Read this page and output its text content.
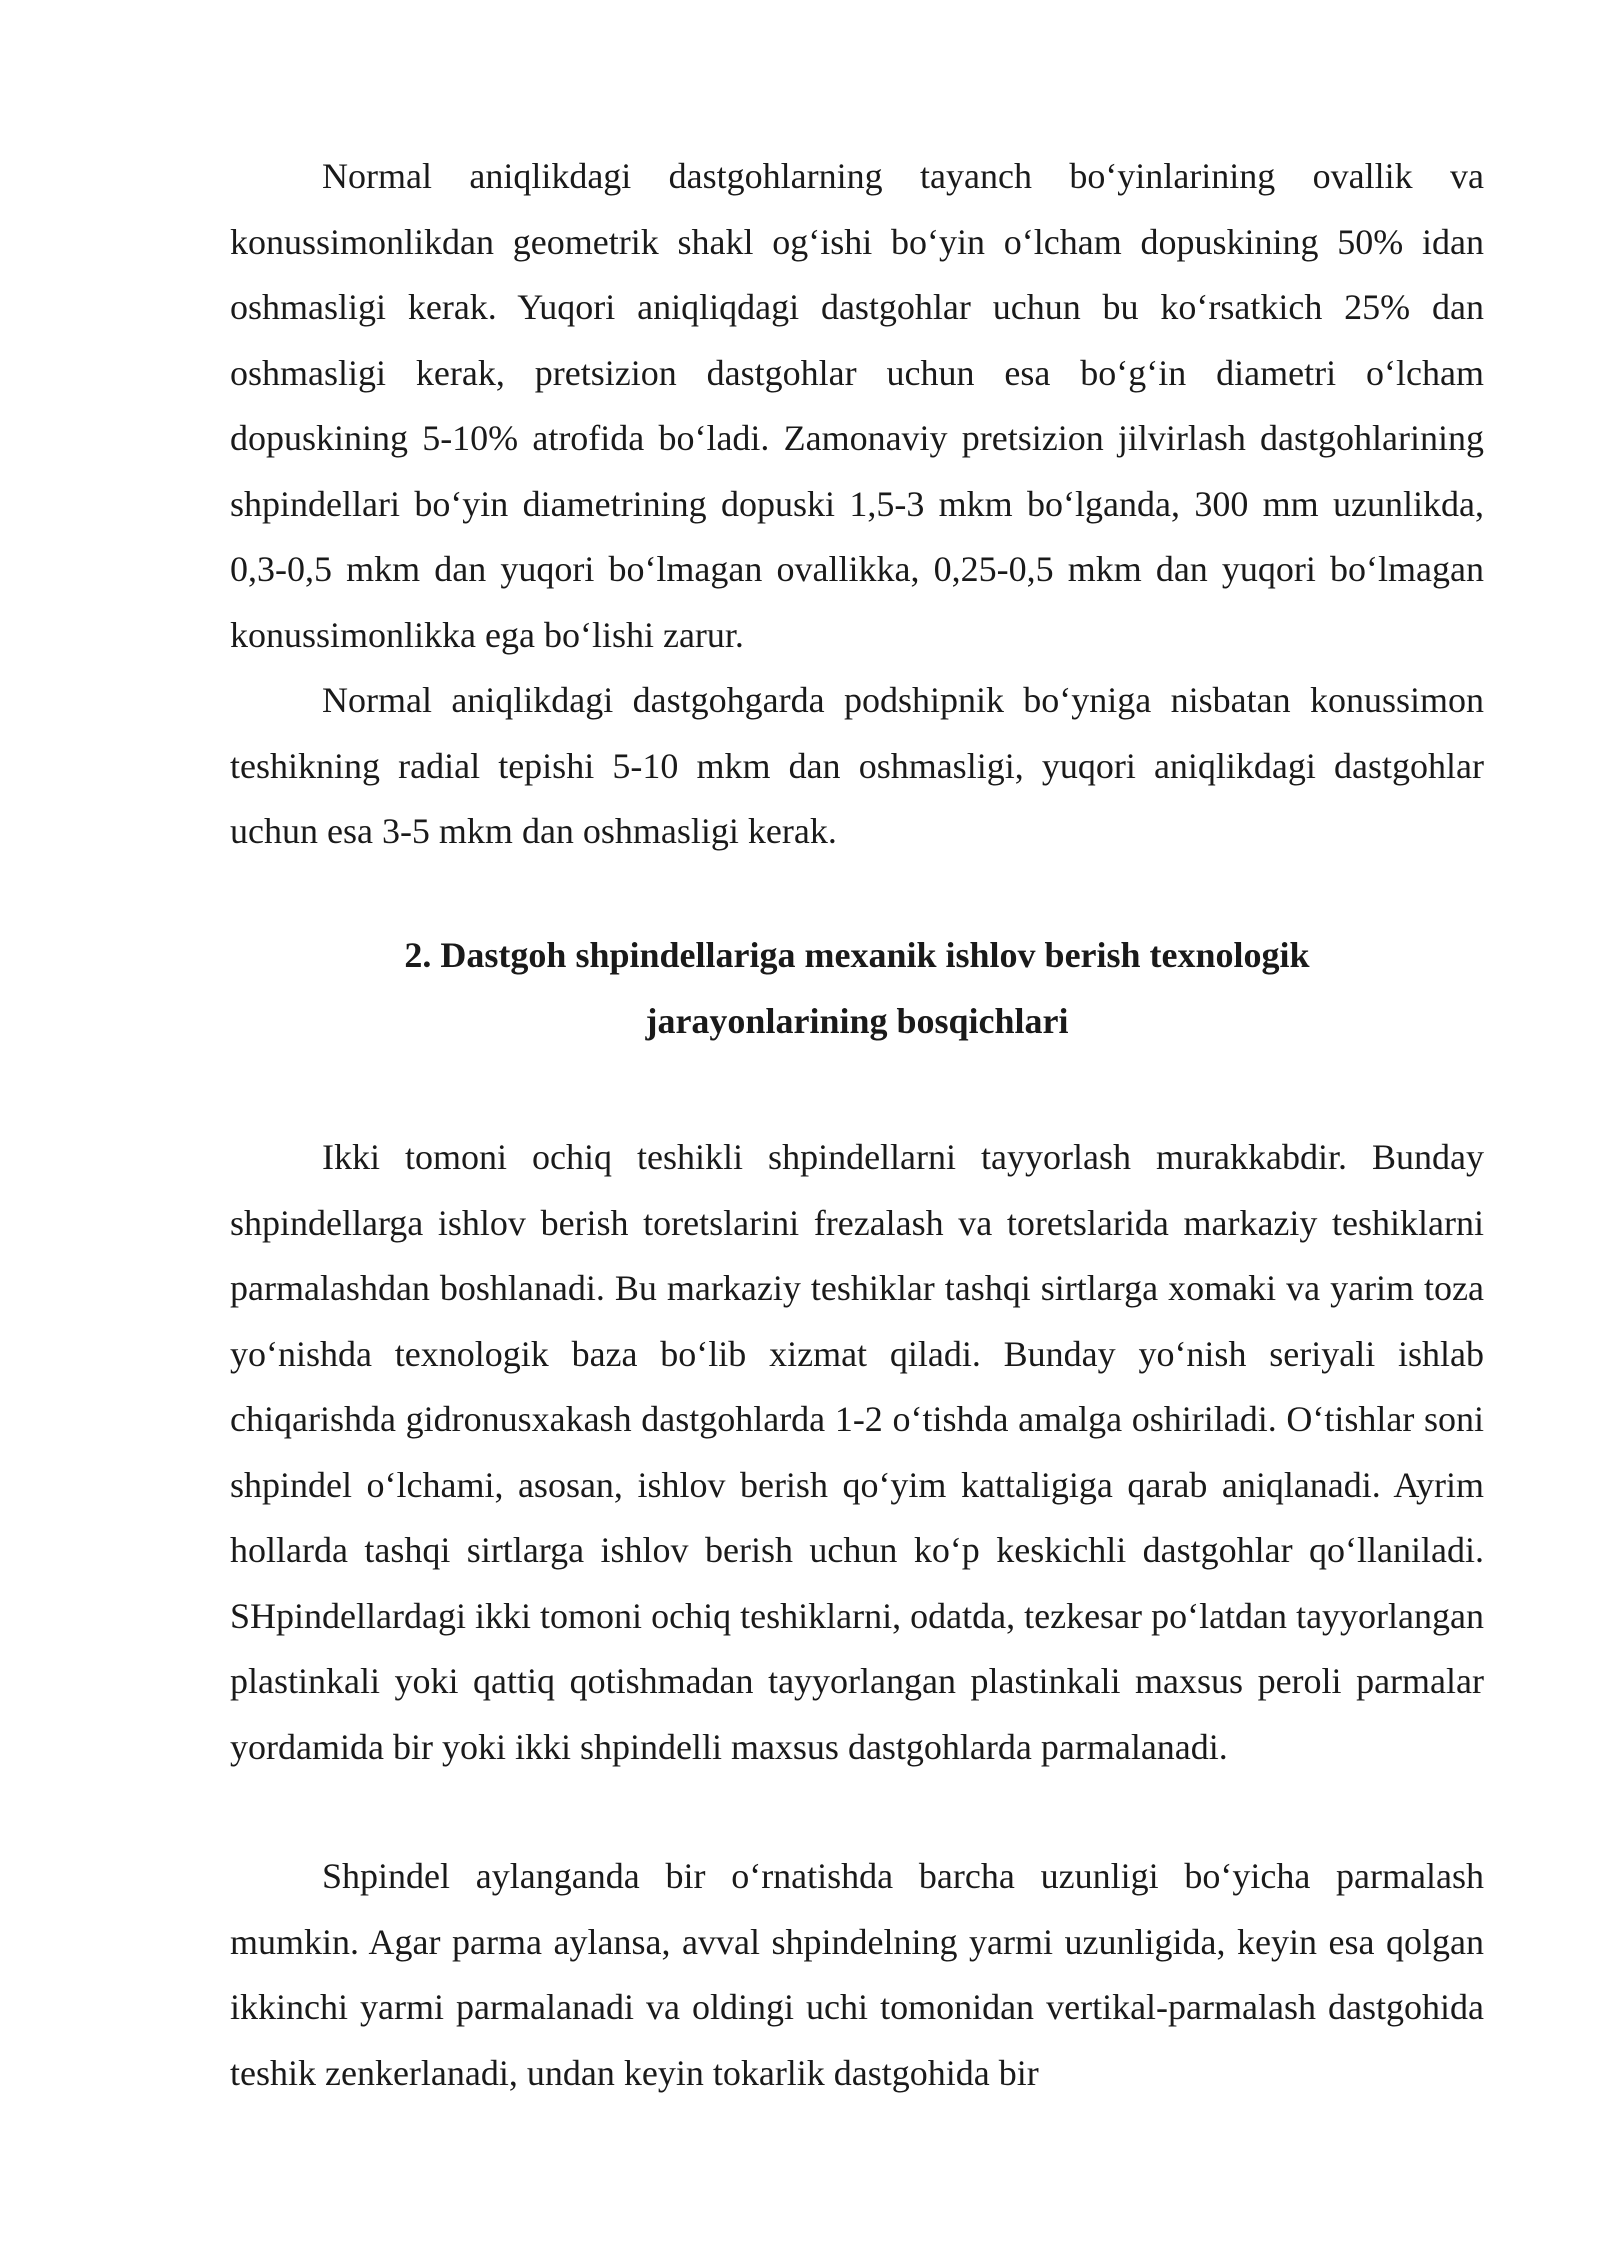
Normal aniqlikdagi dastgohlarning tayanch bo‘yinlarining ovallik va konussimonlikdan geometrik shakl og‘ishi bo‘yin o‘lcham dopuskining 50% idan oshmasligi kerak. Yuqori aniqliqdagi dastgohlar uchun bu ko‘rsatkich 25% dan oshmasligi kerak, pretsizion dastgohlar uchun esa bo‘g‘in diametri o‘lcham dopuskining 5-10% atrofida bo‘ladi. Zamonaviy pretsizion jilvirlash dastgohlarining shpindellari bo‘yin diametrining dopuski 1,5-3 mkm bo‘lganda, 300 mm uzunlikda, 0,3-0,5 mkm dan yuqori bo‘lmagan ovallikka, 0,25-0,5 mkm dan yuqori bo‘lmagan konussimonlikka ega bo‘lishi zarur.

Normal aniqlikdagi dastgohgarda podshipnik bo‘yniga nisbatan konussimon teshikning radial tepishi 5-10 mkm dan oshmasligi, yuqori aniqlikdagi dastgohlar uchun esa 3-5 mkm dan oshmasligi kerak.

2. Dastgoh shpindellariga mexanik ishlov berish texnologik
jarayonlarining bosqichlari

Ikki tomoni ochiq teshikli shpindellarni tayyorlash murakkabdir. Bunday shpindellarga ishlov berish toretslarini frezalash va toretslarida markaziy teshiklarni parmalashdan boshlanadi. Bu markaziy teshiklar tashqi sirtlarga xomaki va yarim toza yo‘nishda texnologik baza bo‘lib xizmat qiladi. Bunday yo‘nish seriyali ishlab chiqarishda gidronusxakash dastgohlarda 1-2 o‘tishda amalga oshiriladi. O‘tishlar soni shpindel o‘lchami, asosan, ishlov berish qo‘yim kattaligiga qarab aniqlanadi. Ayrim hollarda tashqi sirtlarga ishlov berish uchun ko‘p keskichli dastgohlar qo‘llaniladi. SHpindellardagi ikki tomoni ochiq teshiklarni, odatda, tezkesar po‘latdan tayyorlangan plastinkali yoki qattiq qotishmadan tayyorlangan plastinkali maxsus peroli parmalar yordamida bir yoki ikki shpindelli maxsus dastgohlarda parmalanadi.

Shpindel aylanganda bir o‘rnatishda barcha uzunligi bo‘yicha parmalash mumkin. Agar parma aylansa, avval shpindelning yarmi uzunligida, keyin esa qolgan ikkinchi yarmi parmalanadi va oldingi uchi tomonidan vertikal-parmalash dastgohida teshik zenkerlanadi, undan keyin tokarlik dastgohida bir
